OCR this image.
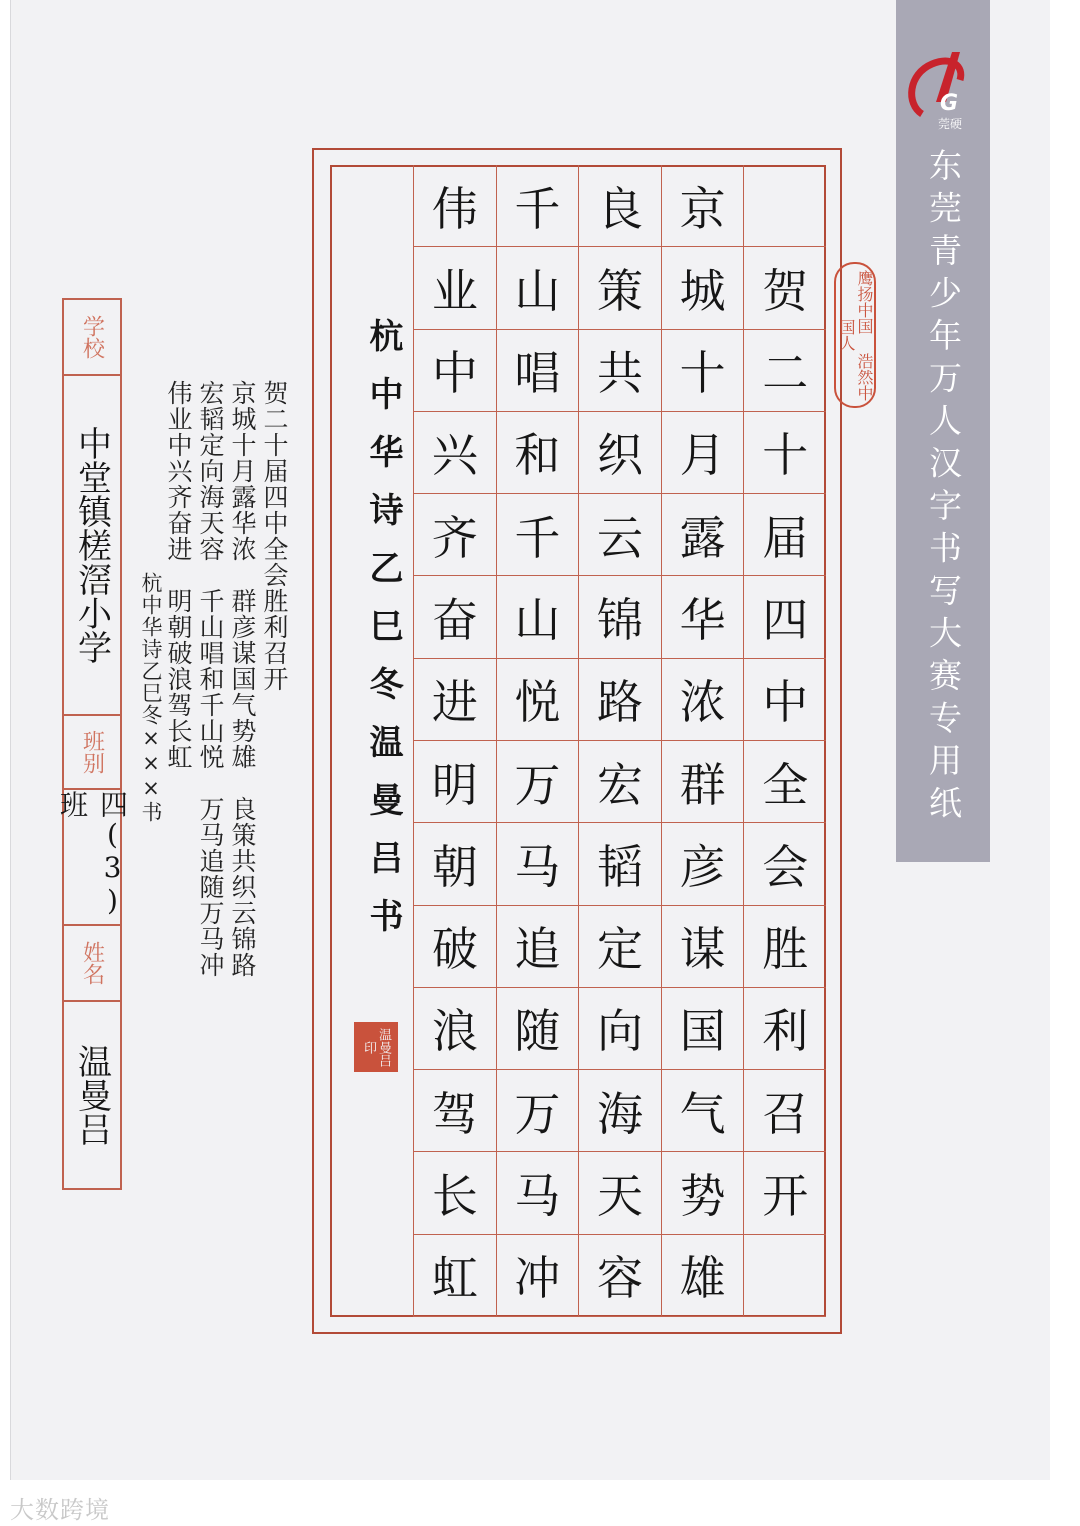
G
莞硬
东莞青少年万人汉字书写大赛专用纸
贺
二
十
届
四
中
全
会
胜
利
召
开
京
城
十
月
露
华
浓
群
彦
谋
国
气
势
雄
良
策
共
织
云
锦
路
宏
韬
定
向
海
天
容
千
山
唱
和
千
山
悦
万
马
追
随
万
马
冲
伟
业
中
兴
齐
奋
进
明
朝
破
浪
驾
长
虹
杭中华诗乙巳冬温曼吕书	鹰扬中国 浩然中国人
温曼吕印
学校
中堂镇槎滘小学
班别
四(3)班
姓名
温曼吕
贺二十届四中全会胜利召开
京城十月露华浓　群彦谋国气势雄　良策共织云锦路
宏韬定向海天容　千山唱和千山悦　万马追随万马冲
伟业中兴齐奋进　明朝破浪驾长虹
杭中华诗乙巳冬×××书
大数跨境
